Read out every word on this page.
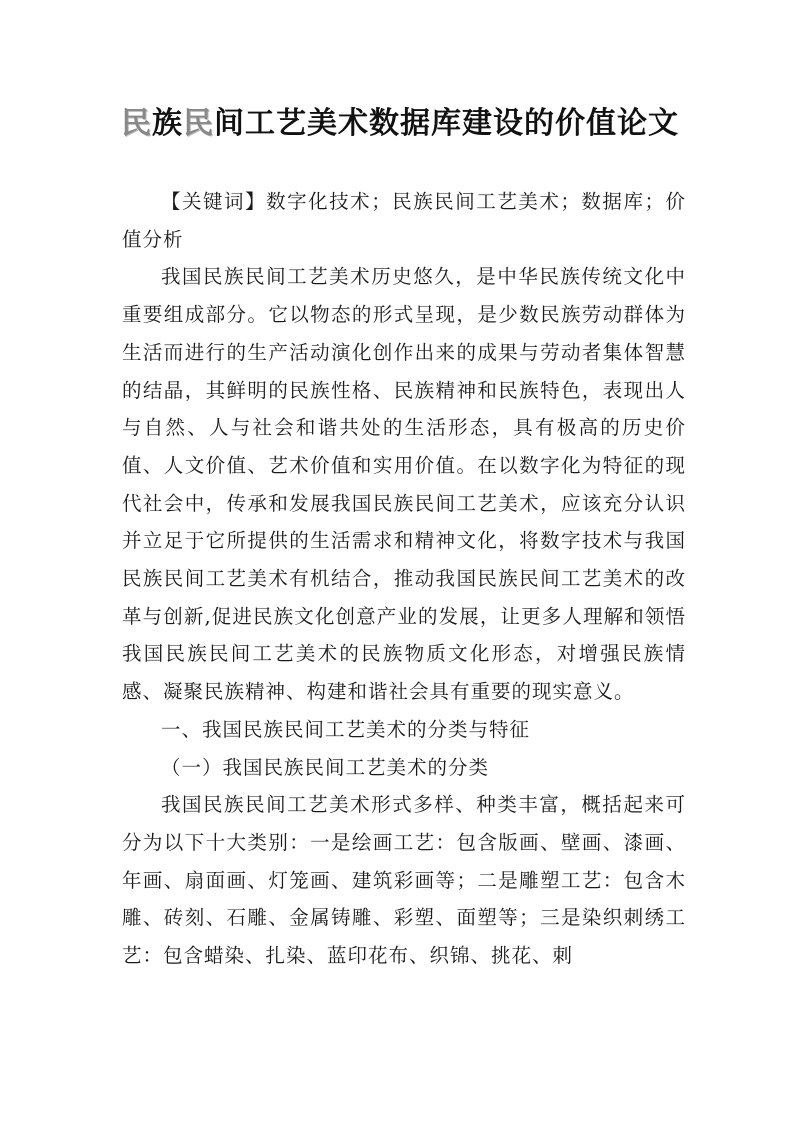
民族民间工艺美术数据库建设的价值论文

【关键词】数字化技术；民族民间工艺美术；数据库；价值分析

我国民族民间工艺美术历史悠久，是中华民族传统文化中重要组成部分。它以物态的形式呈现，是少数民族劳动群体为生活而进行的生产活动演化创作出来的成果与劳动者集体智慧的结晶，其鲜明的民族性格、民族精神和民族特色，表现出人与自然、人与社会和谐共处的生活形态，具有极高的历史价值、人文价值、艺术价值和实用价值。在以数字化为特征的现代社会中，传承和发展我国民族民间工艺美术，应该充分认识并立足于它所提供的生活需求和精神文化，将数字技术与我国民族民间工艺美术有机结合，推动我国民族民间工艺美术的改革与创新,促进民族文化创意产业的发展，让更多人理解和领悟我国民族民间工艺美术的民族物质文化形态，对增强民族情感、凝聚民族精神、构建和谐社会具有重要的现实意义。

一、我国民族民间工艺美术的分类与特征

（一）我国民族民间工艺美术的分类

我国民族民间工艺美术形式多样、种类丰富，概括起来可分为以下十大类别：一是绘画工艺：包含版画、壁画、漆画、年画、扇面画、灯笼画、建筑彩画等；二是雕塑工艺：包含木雕、砖刻、石雕、金属铸雕、彩塑、面塑等；三是染织刺绣工艺：包含蜡染、扎染、蓝印花布、织锦、挑花、刺
